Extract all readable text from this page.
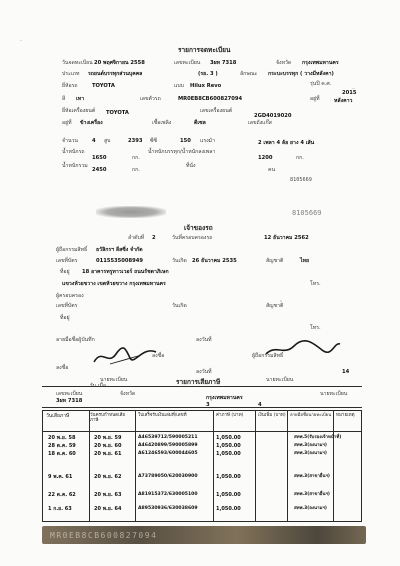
รายการจดทะเบียน
วันจดทะเบียน 20 พฤศจิกายน 2558	เลขทะเบียน 3ผท 7318	จังหวัด กรุงเทพมหานคร
ประเภท รถยนต์บรรทุกส่วนบุคคล	(รย. 3 )	ลักษณะ กระบะบรรทุก ( วางมีหลังคา)
ยี่ห้อรถ	TOYOTA	แบบ Hilux Revo	รุ่นปี ค.ศ.
2015
สี เทา	เลขตัวรถ	MR0EB8CB600827094	อยู่ที่	หลังคาว
ยี่ห้อเครื่องยนต์ TOYOTA	เลขเครื่องยนต์
2GD4019020
อยู่ที่ ข้างเครื่อง	เชื้อเพลิง	ดีเซล	เลขถังแก๊ส
จำนวน	4 สูบ	2393 ซีซี	150 แรงม้า	2 เพลา 4 ล้อ ยาง 4 เส้น
น้ำหนักรถ
1650	กก.
น้ำหนักบรรทุก/น้ำหนักลงเพลา
1200	กก.
น้ำหนักรวม
2450	กก.
ที่นั่ง
คน
8105669
8105669
เจ้าของรถ
ลำดับที่ 2	วันที่ครอบครองรถ	12 ธันวาคม 2562
ผู้ถือกรรมสิทธิ์ ธวัลิกรฯ ลีสซิ่ง จำกัด
เลขที่บัตร	0115535008949	วันเกิด 26 ธันวาคม 2535	สัญชาติ	ไทย
ที่อยู่ 18 อาคารทรูทาวเวอร์ ถนนรัชดาภิเษก
แขวงห้วยขวาง เขตห้วยขวาง กรุงเทพมหานคร	โทร.
ผู้ครอบครอง
เลขที่บัตร	วันเกิด	สัญชาติ
ที่อยู่
โทร.
ลายมือชื่อผู้บันทึก	ลงวันที่
ลงชื่อ
ลงชื่อ	ผู้ถือกรรมสิทธิ์
นายทะเบียน	นายทะเบียน
ลงวันที่	14
รายการเสียภาษี
รับ เมื่อ
เลขทะเบียน
3ผท 7318
จังหวัด
กรุงเทพมหานคร
3	4
นายทะเบียน
วันเสียภาษี	วันครบกำหนดเสียภาษี
ใบเสร็จรับเงินเล่มที่/เลขที่	ค่าภาษี (บาท)	เงินเพิ่ม (บาท) ลายมือชื่อนายทะเบียน หมายเหตุ
20 พ.ย. 58	20 พ.ย. 59	A46539712/590005211	1,050.00	สทพ.5(รับรองเจ้าหน้าที่)
28 ต.ค. 59	20 พ.ย. 60	A46420899/590005899	1,050.00	สทพ.3(ลงนามฯ)
18 ต.ค. 60	20 พ.ย. 61	A61246593/600044605	1,050.00	สทพ.3(ลงนามฯ)
9 พ.ค. 61	20 พ.ย. 62	A73789050/620030900	1,050.00	สทพ.3(สาขาอื่นฯ)
22 ต.ค. 62	20 พ.ย. 63	A81915372/630005100	1,050.00	สทพ.3(สาขาอื่นฯ)
1 ก.ย. 63	20 พ.ย. 64	A89530936/630038609	1,050.00	สทพ.3(ลงนามฯ)
MR0EB8CB600827094
